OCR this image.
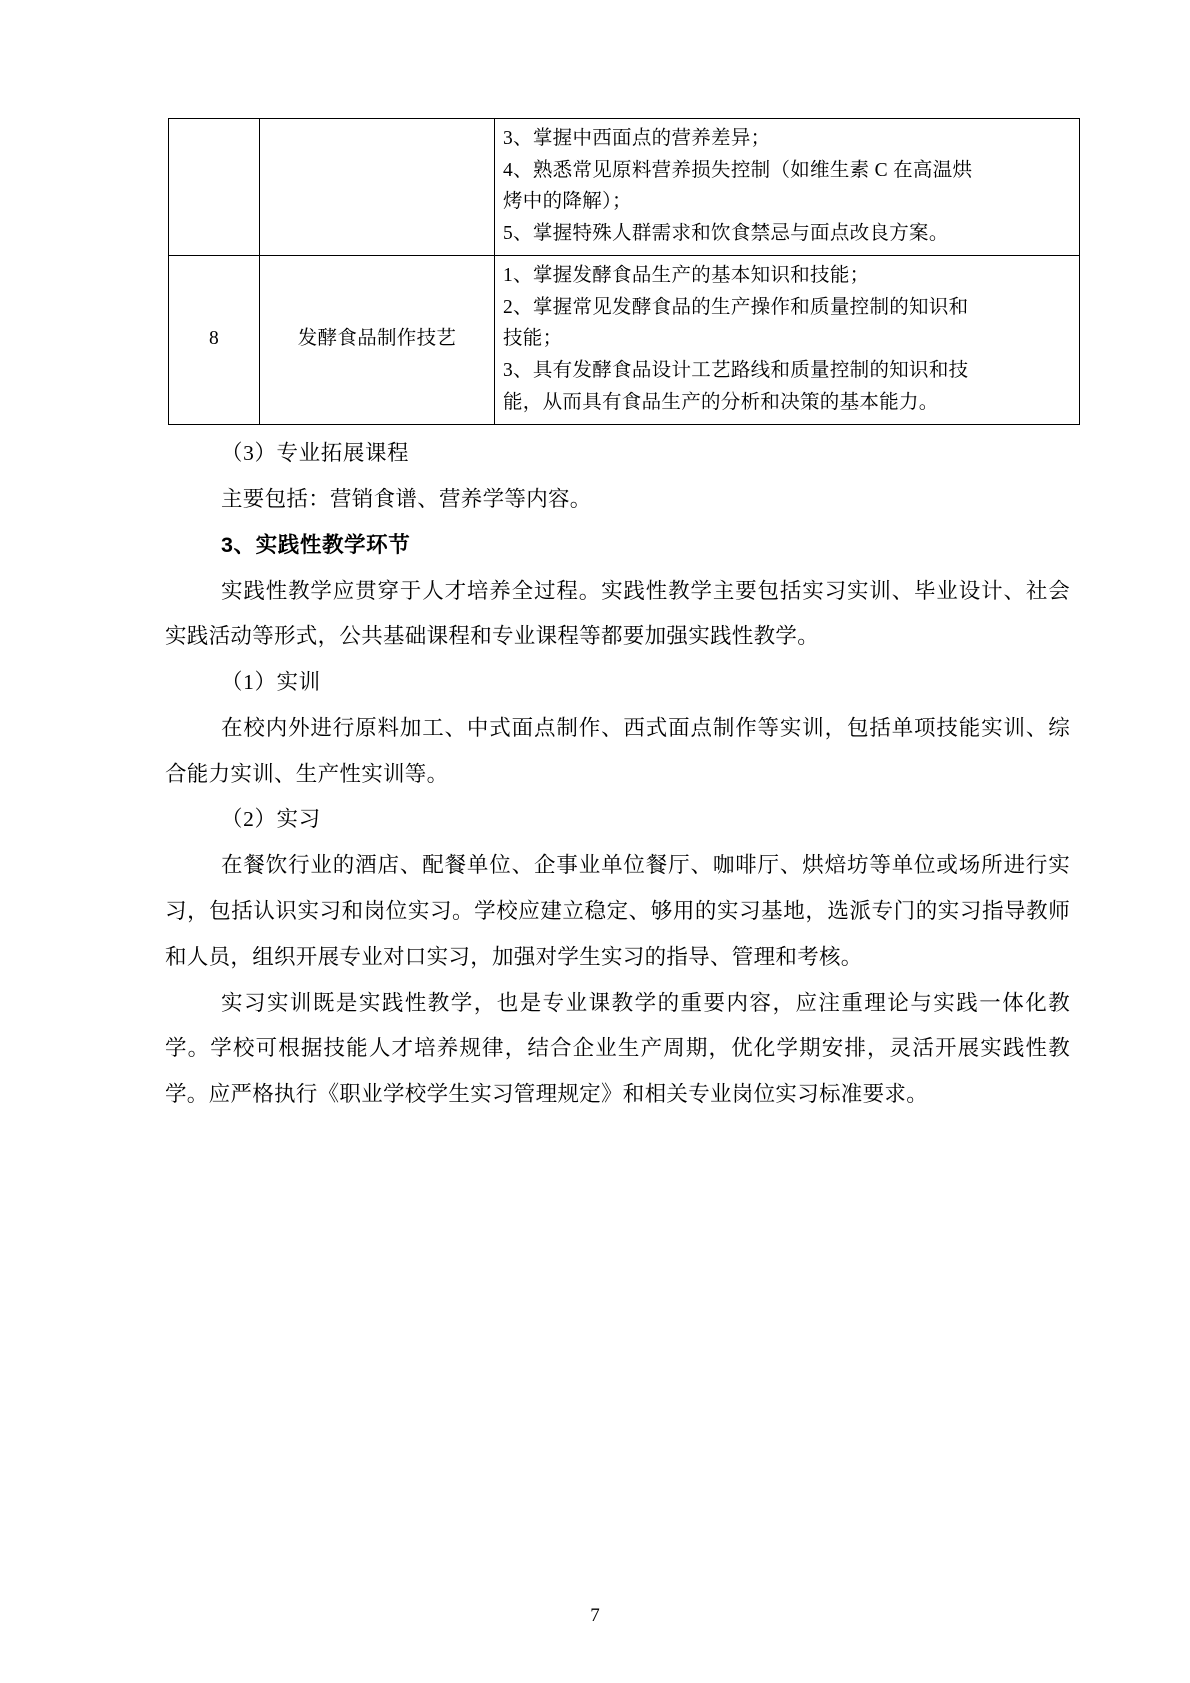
		3、掌握中西面点的营养差异；
4、熟悉常见原料营养损失控制（如维生素 C 在高温烘
烤中的降解）；
5、掌握特殊人群需求和饮食禁忌与面点改良方案。

8	发酵食品制作技艺	1、掌握发酵食品生产的基本知识和技能；
2、掌握常见发酵食品的生产操作和质量控制的知识和
技能；
3、具有发酵食品设计工艺路线和质量控制的知识和技
能，从而具有食品生产的分析和决策的基本能力。

（3）专业拓展课程

主要包括：营销食谱、营养学等内容。

3、实践性教学环节

实践性教学应贯穿于人才培养全过程。实践性教学主要包括实习实训、毕业设计、社会实践活动等形式，公共基础课程和专业课程等都要加强实践性教学。

（1）实训

在校内外进行原料加工、中式面点制作、西式面点制作等实训，包括单项技能实训、综合能力实训、生产性实训等。

（2）实习

在餐饮行业的酒店、配餐单位、企事业单位餐厅、咖啡厅、烘焙坊等单位或场所进行实习，包括认识实习和岗位实习。学校应建立稳定、够用的实习基地，选派专门的实习指导教师和人员，组织开展专业对口实习，加强对学生实习的指导、管理和考核。

实习实训既是实践性教学，也是专业课教学的重要内容，应注重理论与实践一体化教学。学校可根据技能人才培养规律，结合企业生产周期，优化学期安排，灵活开展实践性教学。应严格执行《职业学校学生实习管理规定》和相关专业岗位实习标准要求。

7
